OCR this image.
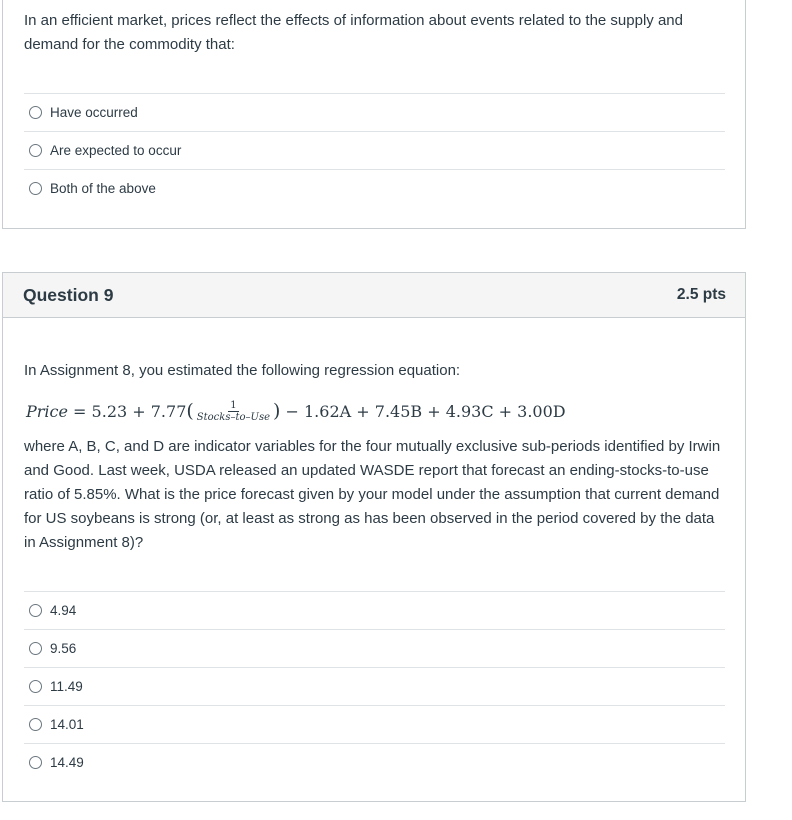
In an efficient market, prices reflect the effects of information about events related to the supply and demand for the commodity that:
Have occurred
Are expected to occur
Both of the above
Question 9	2.5 pts
In Assignment 8, you estimated the following regression equation:
Price = 5.23 + 7.77 ( $\frac{1}{\text{Stocks–to–Use}}$ ) − 1.62A + 7.45B + 4.93C + 3.00D
where A, B, C, and D are indicator variables for the four mutually exclusive sub-periods identified by Irwin and Good. Last week, USDA released an updated WASDE report that forecast an ending-stocks-to-use ratio of 5.85%. What is the price forecast given by your model under the assumption that current demand for US soybeans is strong (or, at least as strong as has been observed in the period covered by the data in Assignment 8)?
4.94
9.56
11.49
14.01
14.49
